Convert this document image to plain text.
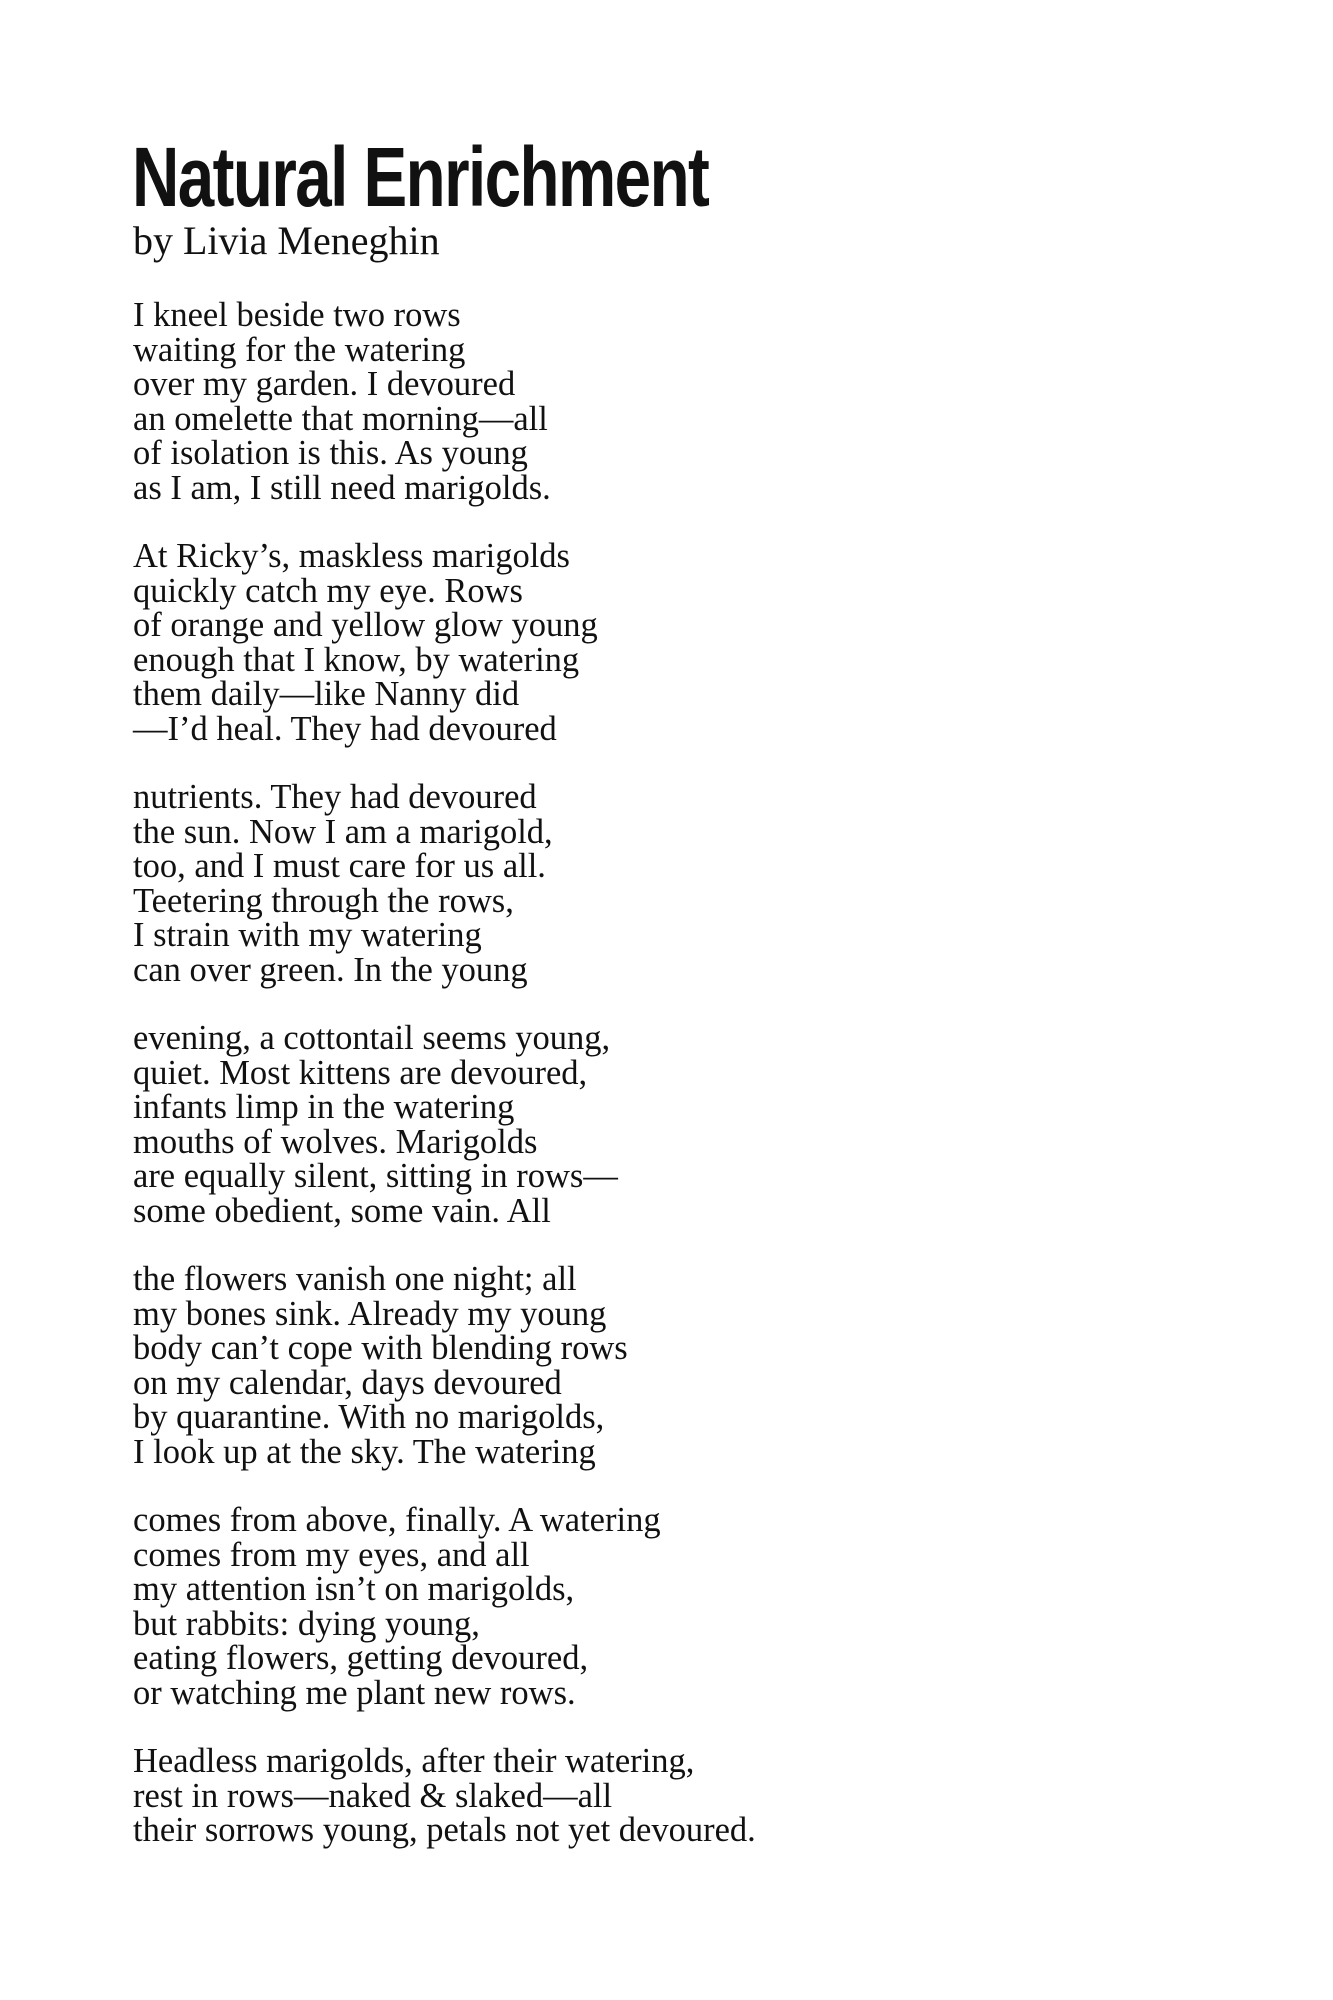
Natural Enrichment

by Livia Meneghin

I kneel beside two rows
waiting for the watering
over my garden. I devoured
an omelette that morning—all
of isolation is this. As young
as I am, I still need marigolds.
At Ricky’s, maskless marigolds
quickly catch my eye. Rows
of orange and yellow glow young
enough that I know, by watering
them daily—like Nanny did
—I’d heal. They had devoured
nutrients. They had devoured
the sun. Now I am a marigold,
too, and I must care for us all.
Teetering through the rows,
I strain with my watering
can over green. In the young
evening, a cottontail seems young,
quiet. Most kittens are devoured,
infants limp in the watering
mouths of wolves. Marigolds
are equally silent, sitting in rows—
some obedient, some vain. All
the flowers vanish one night; all
my bones sink. Already my young
body can’t cope with blending rows
on my calendar, days devoured
by quarantine. With no marigolds,
I look up at the sky. The watering
comes from above, finally. A watering
comes from my eyes, and all
my attention isn’t on marigolds,
but rabbits: dying young,
eating flowers, getting devoured,
or watching me plant new rows.
Headless marigolds, after their watering,
rest in rows—naked & slaked—all
their sorrows young, petals not yet devoured.
